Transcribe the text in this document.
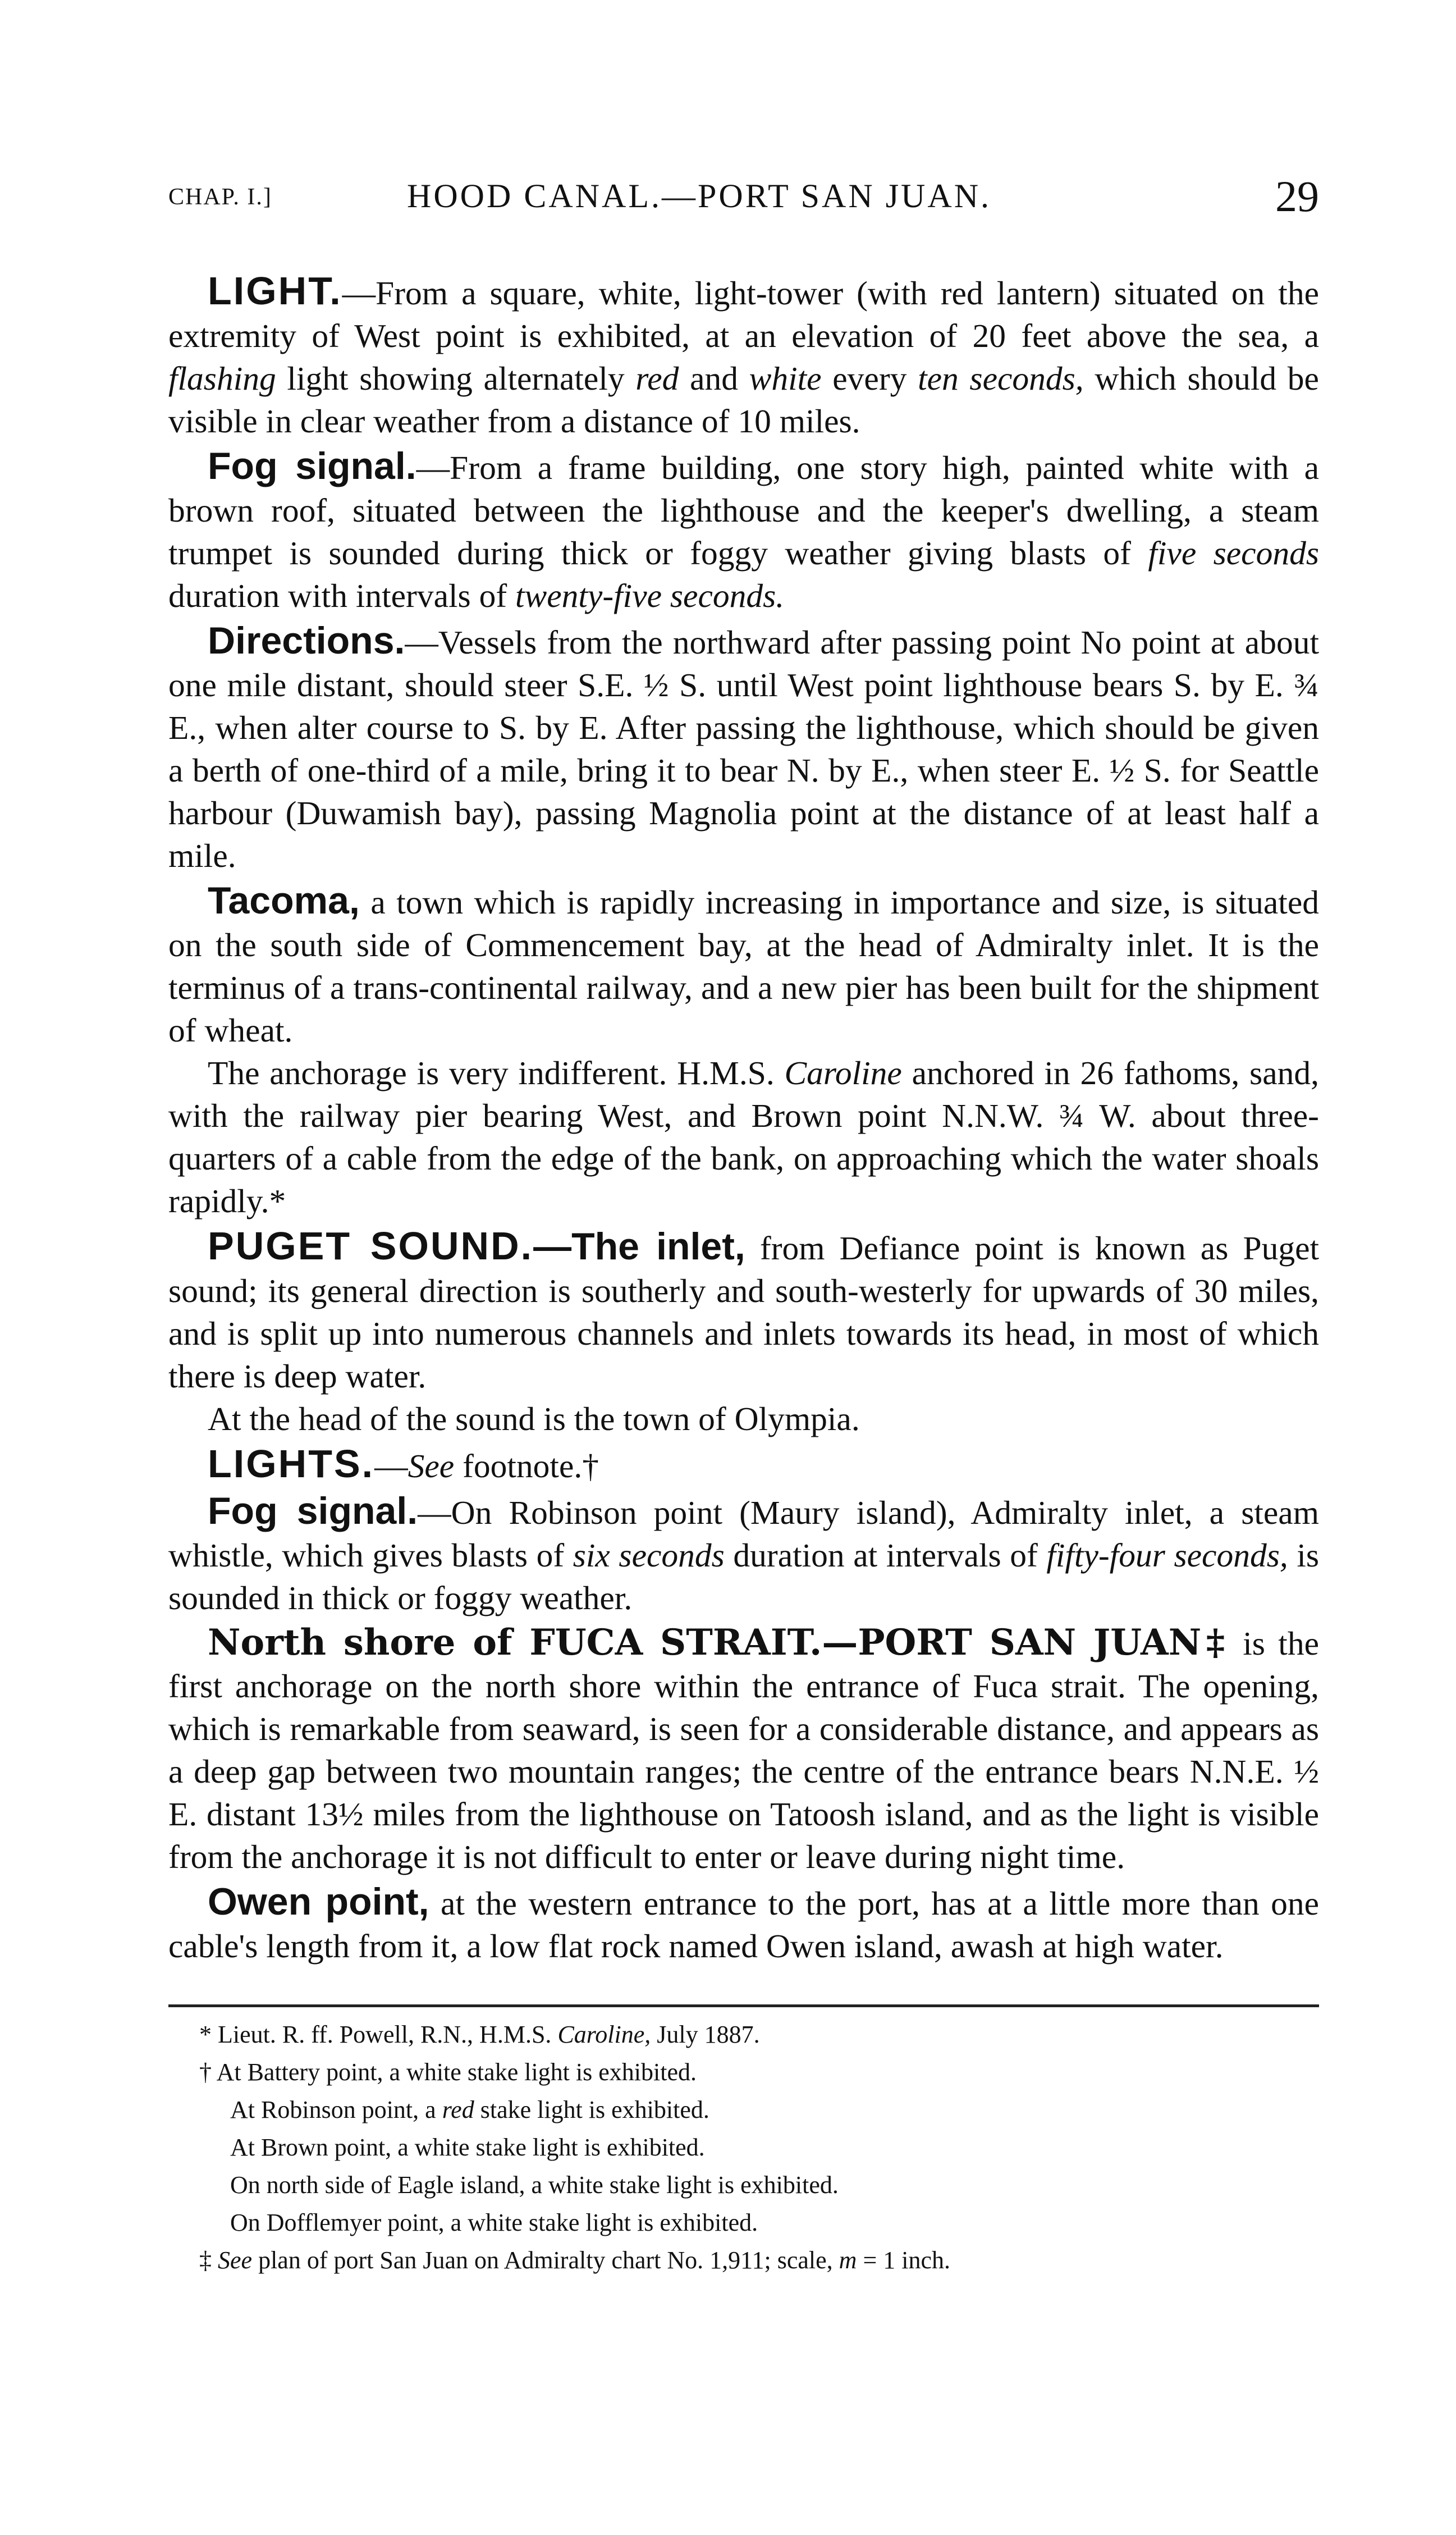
CHAP. I.]	HOOD CANAL.—PORT SAN JUAN.	29

LIGHT.—From a square, white, light-tower (with red lantern) situated on the extremity of West point is exhibited, at an elevation of 20 feet above the sea, a flashing light showing alternately red and white every ten seconds, which should be visible in clear weather from a distance of 10 miles.

Fog signal.—From a frame building, one story high, painted white with a brown roof, situated between the lighthouse and the keeper's dwelling, a steam trumpet is sounded during thick or foggy weather giving blasts of five seconds duration with intervals of twenty-five seconds.

Directions.—Vessels from the northward after passing point No point at about one mile distant, should steer S.E. ½ S. until West point lighthouse bears S. by E. ¾ E., when alter course to S. by E. After passing the lighthouse, which should be given a berth of one-third of a mile, bring it to bear N. by E., when steer E. ½ S. for Seattle harbour (Duwamish bay), passing Magnolia point at the distance of at least half a mile.

Tacoma, a town which is rapidly increasing in importance and size, is situated on the south side of Commencement bay, at the head of Admiralty inlet. It is the terminus of a trans-continental railway, and a new pier has been built for the shipment of wheat.

The anchorage is very indifferent. H.M.S. Caroline anchored in 26 fathoms, sand, with the railway pier bearing West, and Brown point N.N.W. ¾ W. about three-quarters of a cable from the edge of the bank, on approaching which the water shoals rapidly.*

PUGET SOUND.—The inlet, from Defiance point is known as Puget sound; its general direction is southerly and south-westerly for upwards of 30 miles, and is split up into numerous channels and inlets towards its head, in most of which there is deep water.

At the head of the sound is the town of Olympia.

LIGHTS.—See footnote.†

Fog signal.—On Robinson point (Maury island), Admiralty inlet, a steam whistle, which gives blasts of six seconds duration at intervals of fifty-four seconds, is sounded in thick or foggy weather.

North shore of FUCA STRAIT.—PORT SAN JUAN‡ is the first anchorage on the north shore within the entrance of Fuca strait. The opening, which is remarkable from seaward, is seen for a considerable distance, and appears as a deep gap between two mountain ranges; the centre of the entrance bears N.N.E. ½ E. distant 13½ miles from the lighthouse on Tatoosh island, and as the light is visible from the anchorage it is not difficult to enter or leave during night time.

Owen point, at the western entrance to the port, has at a little more than one cable's length from it, a low flat rock named Owen island, awash at high water.

* Lieut. R. ff. Powell, R.N., H.M.S. Caroline, July 1887.

† At Battery point, a white stake light is exhibited.

At Robinson point, a red stake light is exhibited.

At Brown point, a white stake light is exhibited.

On north side of Eagle island, a white stake light is exhibited.

On Dofflemyer point, a white stake light is exhibited.

‡ See plan of port San Juan on Admiralty chart No. 1,911; scale, m = 1 inch.
